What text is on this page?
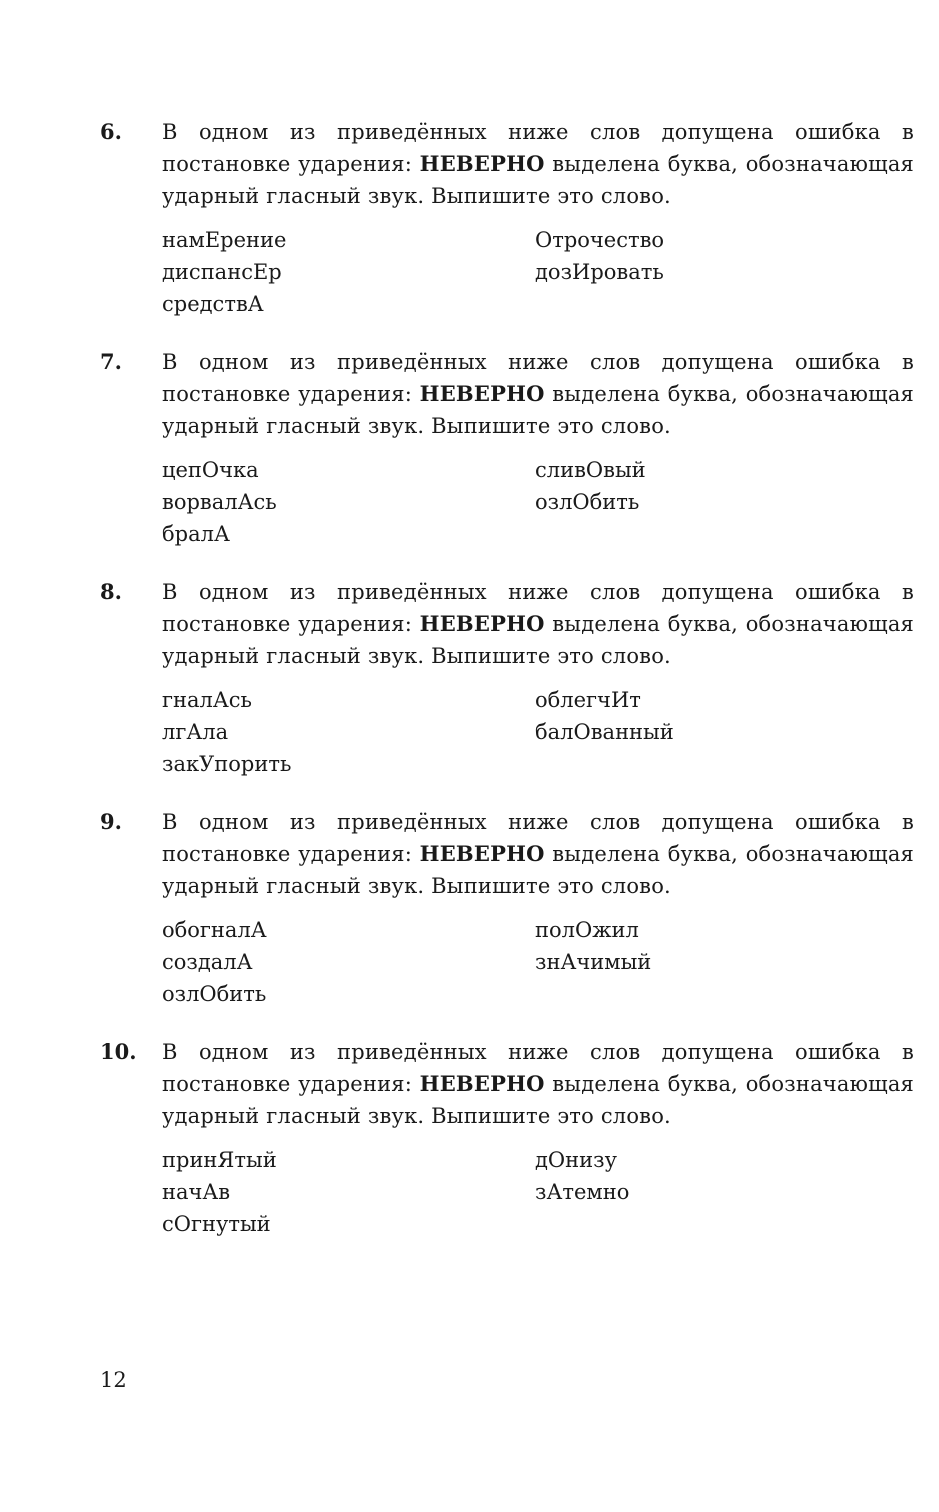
6. В одном из приведённых ниже слов допущена ошибка в постановке ударения: НЕВЕРНО выделена буква, обозначающая ударный гласный звук. Выпишите это слово.
намЕрение	Отрочество
диспансЕр	дозИровать
средствА
7. В одном из приведённых ниже слов допущена ошибка в постановке ударения: НЕВЕРНО выделена буква, обозначающая ударный гласный звук. Выпишите это слово.
цепОчка	сливОвый
ворвалАсь	озлОбить
бралА
8. В одном из приведённых ниже слов допущена ошибка в постановке ударения: НЕВЕРНО выделена буква, обозначающая ударный гласный звук. Выпишите это слово.
гналАсь	облегчИт
лгАла	балОванный
закУпорить
9. В одном из приведённых ниже слов допущена ошибка в постановке ударения: НЕВЕРНО выделена буква, обозначающая ударный гласный звук. Выпишите это слово.
обогналА	полОжил
создалА	знАчимый
озлОбить
10. В одном из приведённых ниже слов допущена ошибка в постановке ударения: НЕВЕРНО выделена буква, обозначающая ударный гласный звук. Выпишите это слово.
принЯтый	дОнизу
начАв	зАтемно
сОгнутый
12
